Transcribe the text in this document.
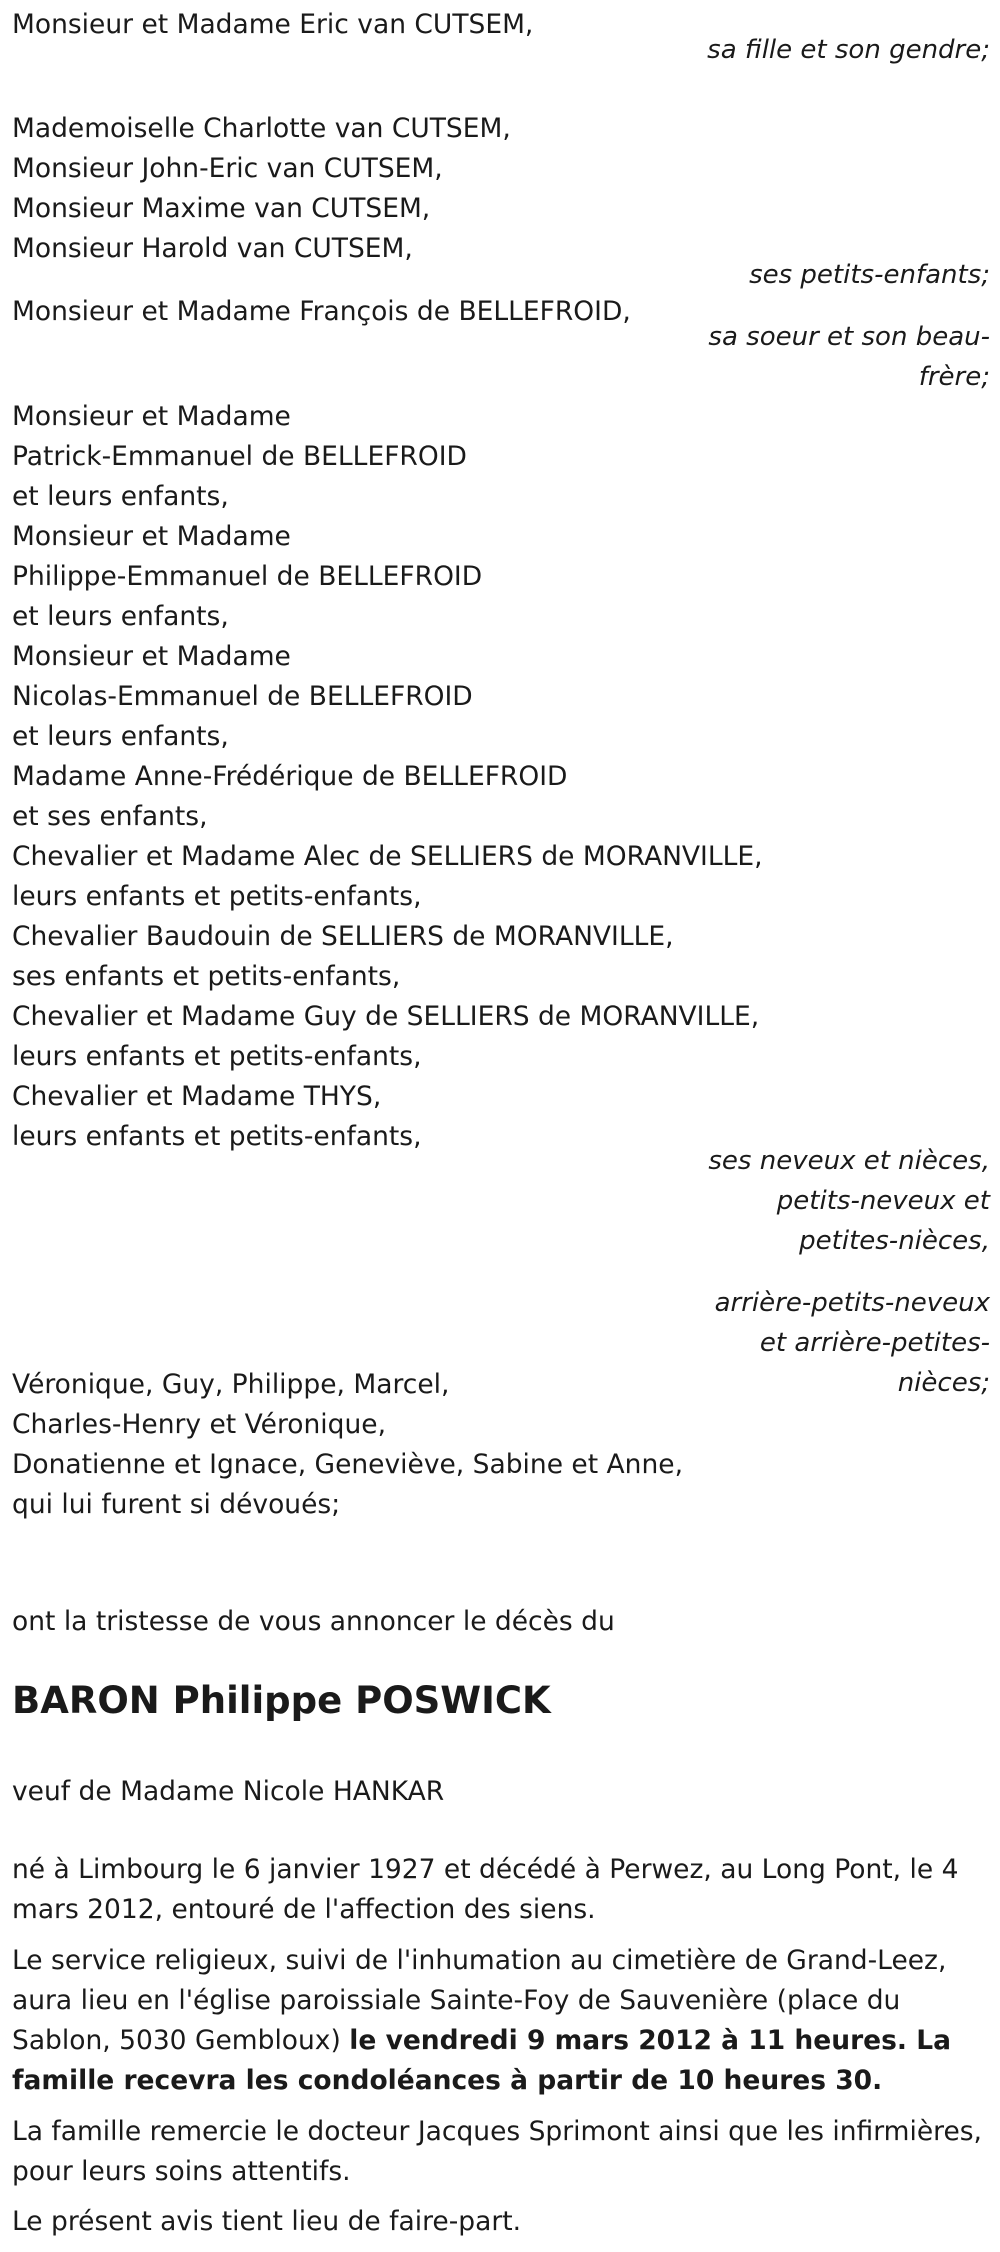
Monsieur et Madame Eric van CUTSEM,
sa fille et son gendre;
Mademoiselle Charlotte van CUTSEM,
Monsieur John-Eric van CUTSEM,
Monsieur Maxime van CUTSEM,
Monsieur Harold van CUTSEM,
ses petits-enfants;
Monsieur et Madame François de BELLEFROID,
sa soeur et son beau-frère;
Monsieur et Madame
Patrick-Emmanuel de BELLEFROID
et leurs enfants,
Monsieur et Madame
Philippe-Emmanuel de BELLEFROID
et leurs enfants,
Monsieur et Madame
Nicolas-Emmanuel de BELLEFROID
et leurs enfants,
Madame Anne-Frédérique de BELLEFROID
et ses enfants,
Chevalier et Madame Alec de SELLIERS de MORANVILLE,
leurs enfants et petits-enfants,
Chevalier Baudouin de SELLIERS de MORANVILLE,
ses enfants et petits-enfants,
Chevalier et Madame Guy de SELLIERS de MORANVILLE,
leurs enfants et petits-enfants,
Chevalier et Madame THYS,
leurs enfants et petits-enfants,
ses neveux et nièces, petits-neveux et petites-nièces,
arrière-petits-neveux et arrière-petites-nièces;
Véronique, Guy, Philippe, Marcel,
Charles-Henry et Véronique,
Donatienne et Ignace, Geneviève, Sabine et Anne,
qui lui furent si dévoués;
ont la tristesse de vous annoncer le décès du
BARON Philippe POSWICK
veuf de Madame Nicole HANKAR
né à Limbourg le 6 janvier 1927 et décédé à Perwez, au Long Pont, le 4 mars 2012, entouré de l'affection des siens.
Le service religieux, suivi de l'inhumation au cimetière de Grand-Leez, aura lieu en l'église paroissiale Sainte-Foy de Sauvenière (place du Sablon, 5030 Gembloux) le vendredi 9 mars 2012 à 11 heures. La famille recevra les condoléances à partir de 10 heures 30.
La famille remercie le docteur Jacques Sprimont ainsi que les infirmières, pour leurs soins attentifs.
Le présent avis tient lieu de faire-part.
